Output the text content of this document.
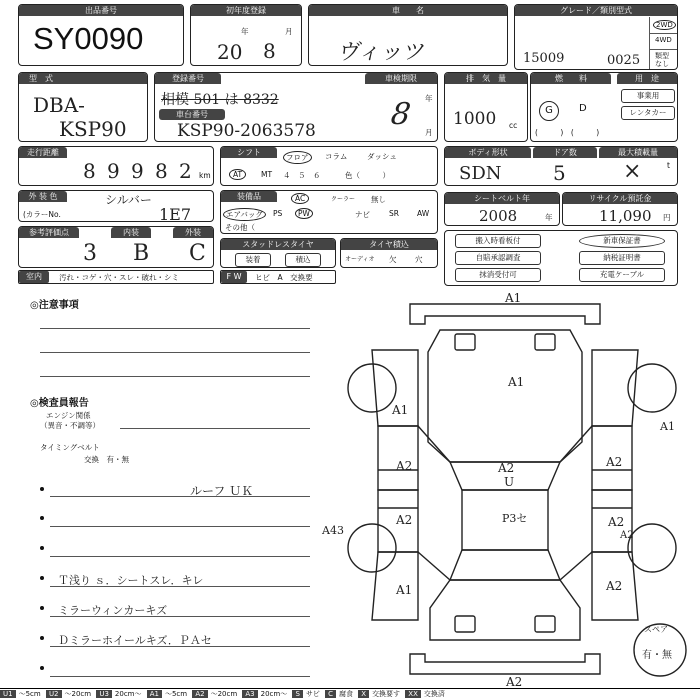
出品番号
SY0090
初年度登録
年	月
20 8
車　　名
ヴィッツ
グレード／類別型式
2WD
4WD
類型なし
15009	0025
型　式
DBA-
KSP90
登録番号	車検期限
相模 501 は 8332
車台番号
KSP90-2063578
年
月
8
排　気　量
1000 cc
燃　　料	用　途
G	D
(　　　)　(　　　)
事業用
レンタカー
走行距離
8 9 9 8 2 km
シフト
フロア	コラム	ダッシュ
AT	MT ４　５　６	色（　　　）
ボディ形状	ドア数	最大積載量
SDN	5	×	t
外 装 色	シルバー
(カラーNo.	1E7
装備品	AC	クーラー 無し
エアバッグ	PS	PW	ナビ	SR AW
その他（
シートベルト年
2008	年
リサイクル預託金
11,090 円
参考評価点	内装	外装
3 B C	スタッドレスタイヤ
装着	積込
タイヤ積込
オーディオ 欠 穴
搬入時看板付
自賠承認調査
抹消受付可
新車保証書
納税証明書
充電ケーブル
室内	汚れ・コゲ・穴・スレ・破れ・シミ	F W	ヒビ　A　交換要
◎注意事項
◎検査員報告
エンジン関係
（異音・不調等）
タイミングベルト
交換　有・無
ルーフ ＵＫ
Ｔ浅り ｓ．シートスレ．キレ
ミラーウィンカーキズ
Ｄミラーホイールキズ．ＰＡセ
A1
A1
A1
A2	A2
U
A2
A2
A2
A2
A1	A2
A2
A1
A43
P3セ
スペア
有・無
U1 ～5cm U2 ～20cm U3 20cm～ A1 ～5cm A2 ～20cm A3 20cm～ S サビ C 腐食 X 交換要す XX 交換済
